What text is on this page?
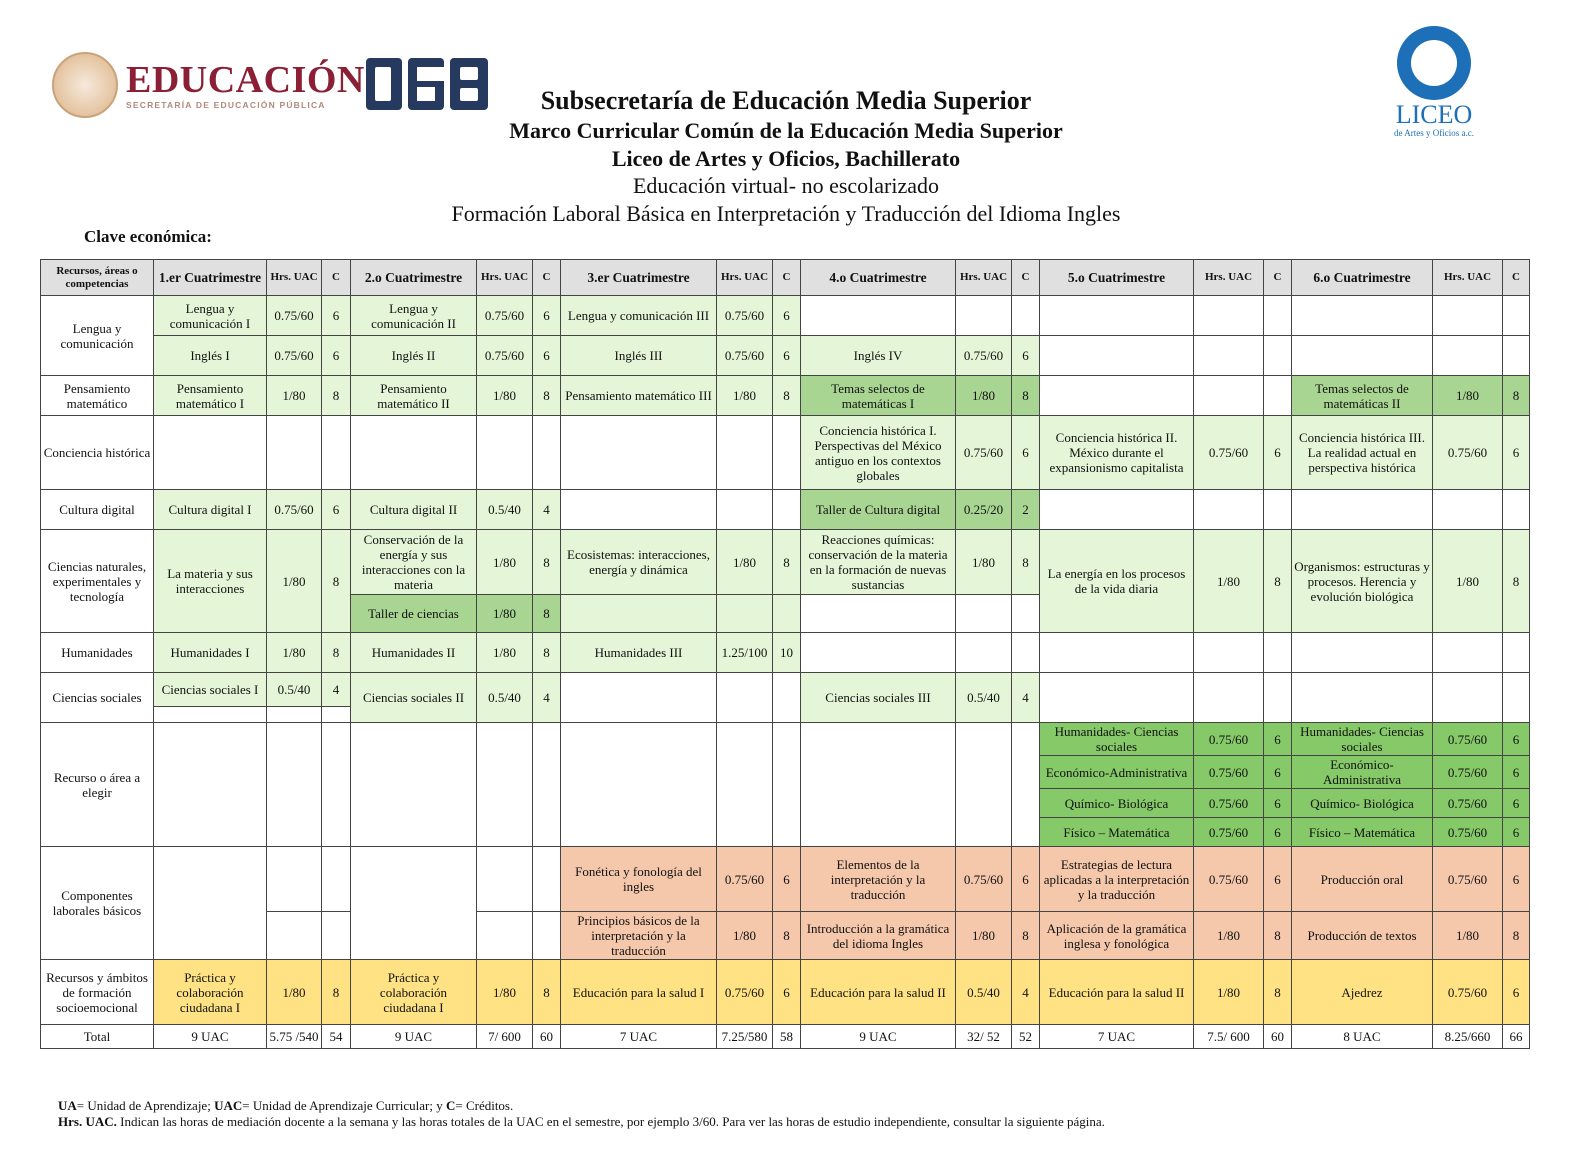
EDUCACIÓN
SECRETARÍA DE EDUCACIÓN PÚBLICA	LICEO
de Artes y Oficios a.c.
Subsecretaría de Educación Media Superior
Marco Curricular Común de la Educación Media Superior
Liceo de Artes y Oficios, Bachillerato
Educación virtual- no escolarizado
Formación Laboral Básica en Interpretación y Traducción del Idioma Ingles
Clave económica:
Recursos, áreas o competencias	1.er Cuatrimestre	Hrs. UAC	C	2.o Cuatrimestre	Hrs. UAC	C	3.er Cuatrimestre	Hrs. UAC	C	4.o Cuatrimestre	Hrs. UAC	C	5.o Cuatrimestre	Hrs. UAC	C	6.o Cuatrimestre	Hrs. UAC	C
Lengua y comunicación	Lengua y comunicación I	0.75/60	6	Lengua y comunicación II	0.75/60	6	Lengua y comunicación III	0.75/60	6									
	Inglés I	0.75/60	6	Inglés II	0.75/60	6	Inglés III	0.75/60	6	Inglés IV	0.75/60	6						
Pensamiento matemático	Pensamiento matemático I	1/80	8	Pensamiento matemático II	1/80	8	Pensamiento matemático III	1/80	8	Temas selectos de matemáticas I	1/80	8				Temas selectos de matemáticas II	1/80	8
Conciencia histórica										Conciencia histórica I. Perspectivas del México antiguo en los contextos globales	0.75/60	6	Conciencia histórica II. México durante el expansionismo capitalista	0.75/60	6	Conciencia histórica III. La realidad actual en perspectiva histórica	0.75/60	6
Cultura digital	Cultura digital I	0.75/60	6	Cultura digital II	0.5/40	4				Taller de Cultura digital	0.25/20	2						
Ciencias naturales, experimentales y tecnología	La materia y sus interacciones	1/80	8	Conservación de la energía y sus interacciones con la materia	1/80	8	Ecosistemas: interacciones, energía y dinámica	1/80	8	Reacciones químicas: conservación de la materia en la formación de nuevas sustancias	1/80	8	La energía en los procesos de la vida diaria	1/80	8	Organismos: estructuras y procesos. Herencia y evolución biológica	1/80	8
				Taller de ciencias	1/80	8												
Humanidades	Humanidades I	1/80	8	Humanidades II	1/80	8	Humanidades III	1.25/100	10									
Ciencias sociales	Ciencias sociales I	0.5/40	4	Ciencias sociales II	0.5/40	4				Ciencias sociales III	0.5/40	4						

Recurso o área a elegir													Humanidades- Ciencias sociales	0.75/60	6	Humanidades- Ciencias sociales	0.75/60	6
													Económico-Administrativa	0.75/60	6	Económico-Administrativa	0.75/60	6
													Químico- Biológica	0.75/60	6	Químico- Biológica	0.75/60	6
													Físico – Matemática	0.75/60	6	Físico – Matemática	0.75/60	6
Componentes laborales básicos							Fonética y fonología del ingles	0.75/60	6	Elementos de la interpretación y la traducción	0.75/60	6	Estrategias de lectura aplicadas a la interpretación y la traducción	0.75/60	6	Producción oral	0.75/60	6
							Principios básicos de la interpretación y la traducción	1/80	8	Introducción a la gramática del idioma Ingles	1/80	8	Aplicación de la gramática inglesa y fonológica	1/80	8	Producción de textos	1/80	8
Recursos y ámbitos de formación socioemocional	Práctica y colaboración ciudadana I	1/80	8	Práctica y colaboración ciudadana I	1/80	8	Educación para la salud I	0.75/60	6	Educación para la salud II	0.5/40	4	Educación para la salud II	1/80	8	Ajedrez	0.75/60	6
Total	9 UAC	5.75 /540	54	9 UAC	7/ 600	60	7 UAC	7.25/580	58	9 UAC	32/ 52	52	7 UAC	7.5/ 600	60	8 UAC	8.25/660	66
UA= Unidad de Aprendizaje; UAC= Unidad de Aprendizaje Curricular; y C= Créditos.
Hrs. UAC. Indican las horas de mediación docente a la semana y las horas totales de la UAC en el semestre, por ejemplo 3/60. Para ver las horas de estudio independiente, consultar la siguiente página.
